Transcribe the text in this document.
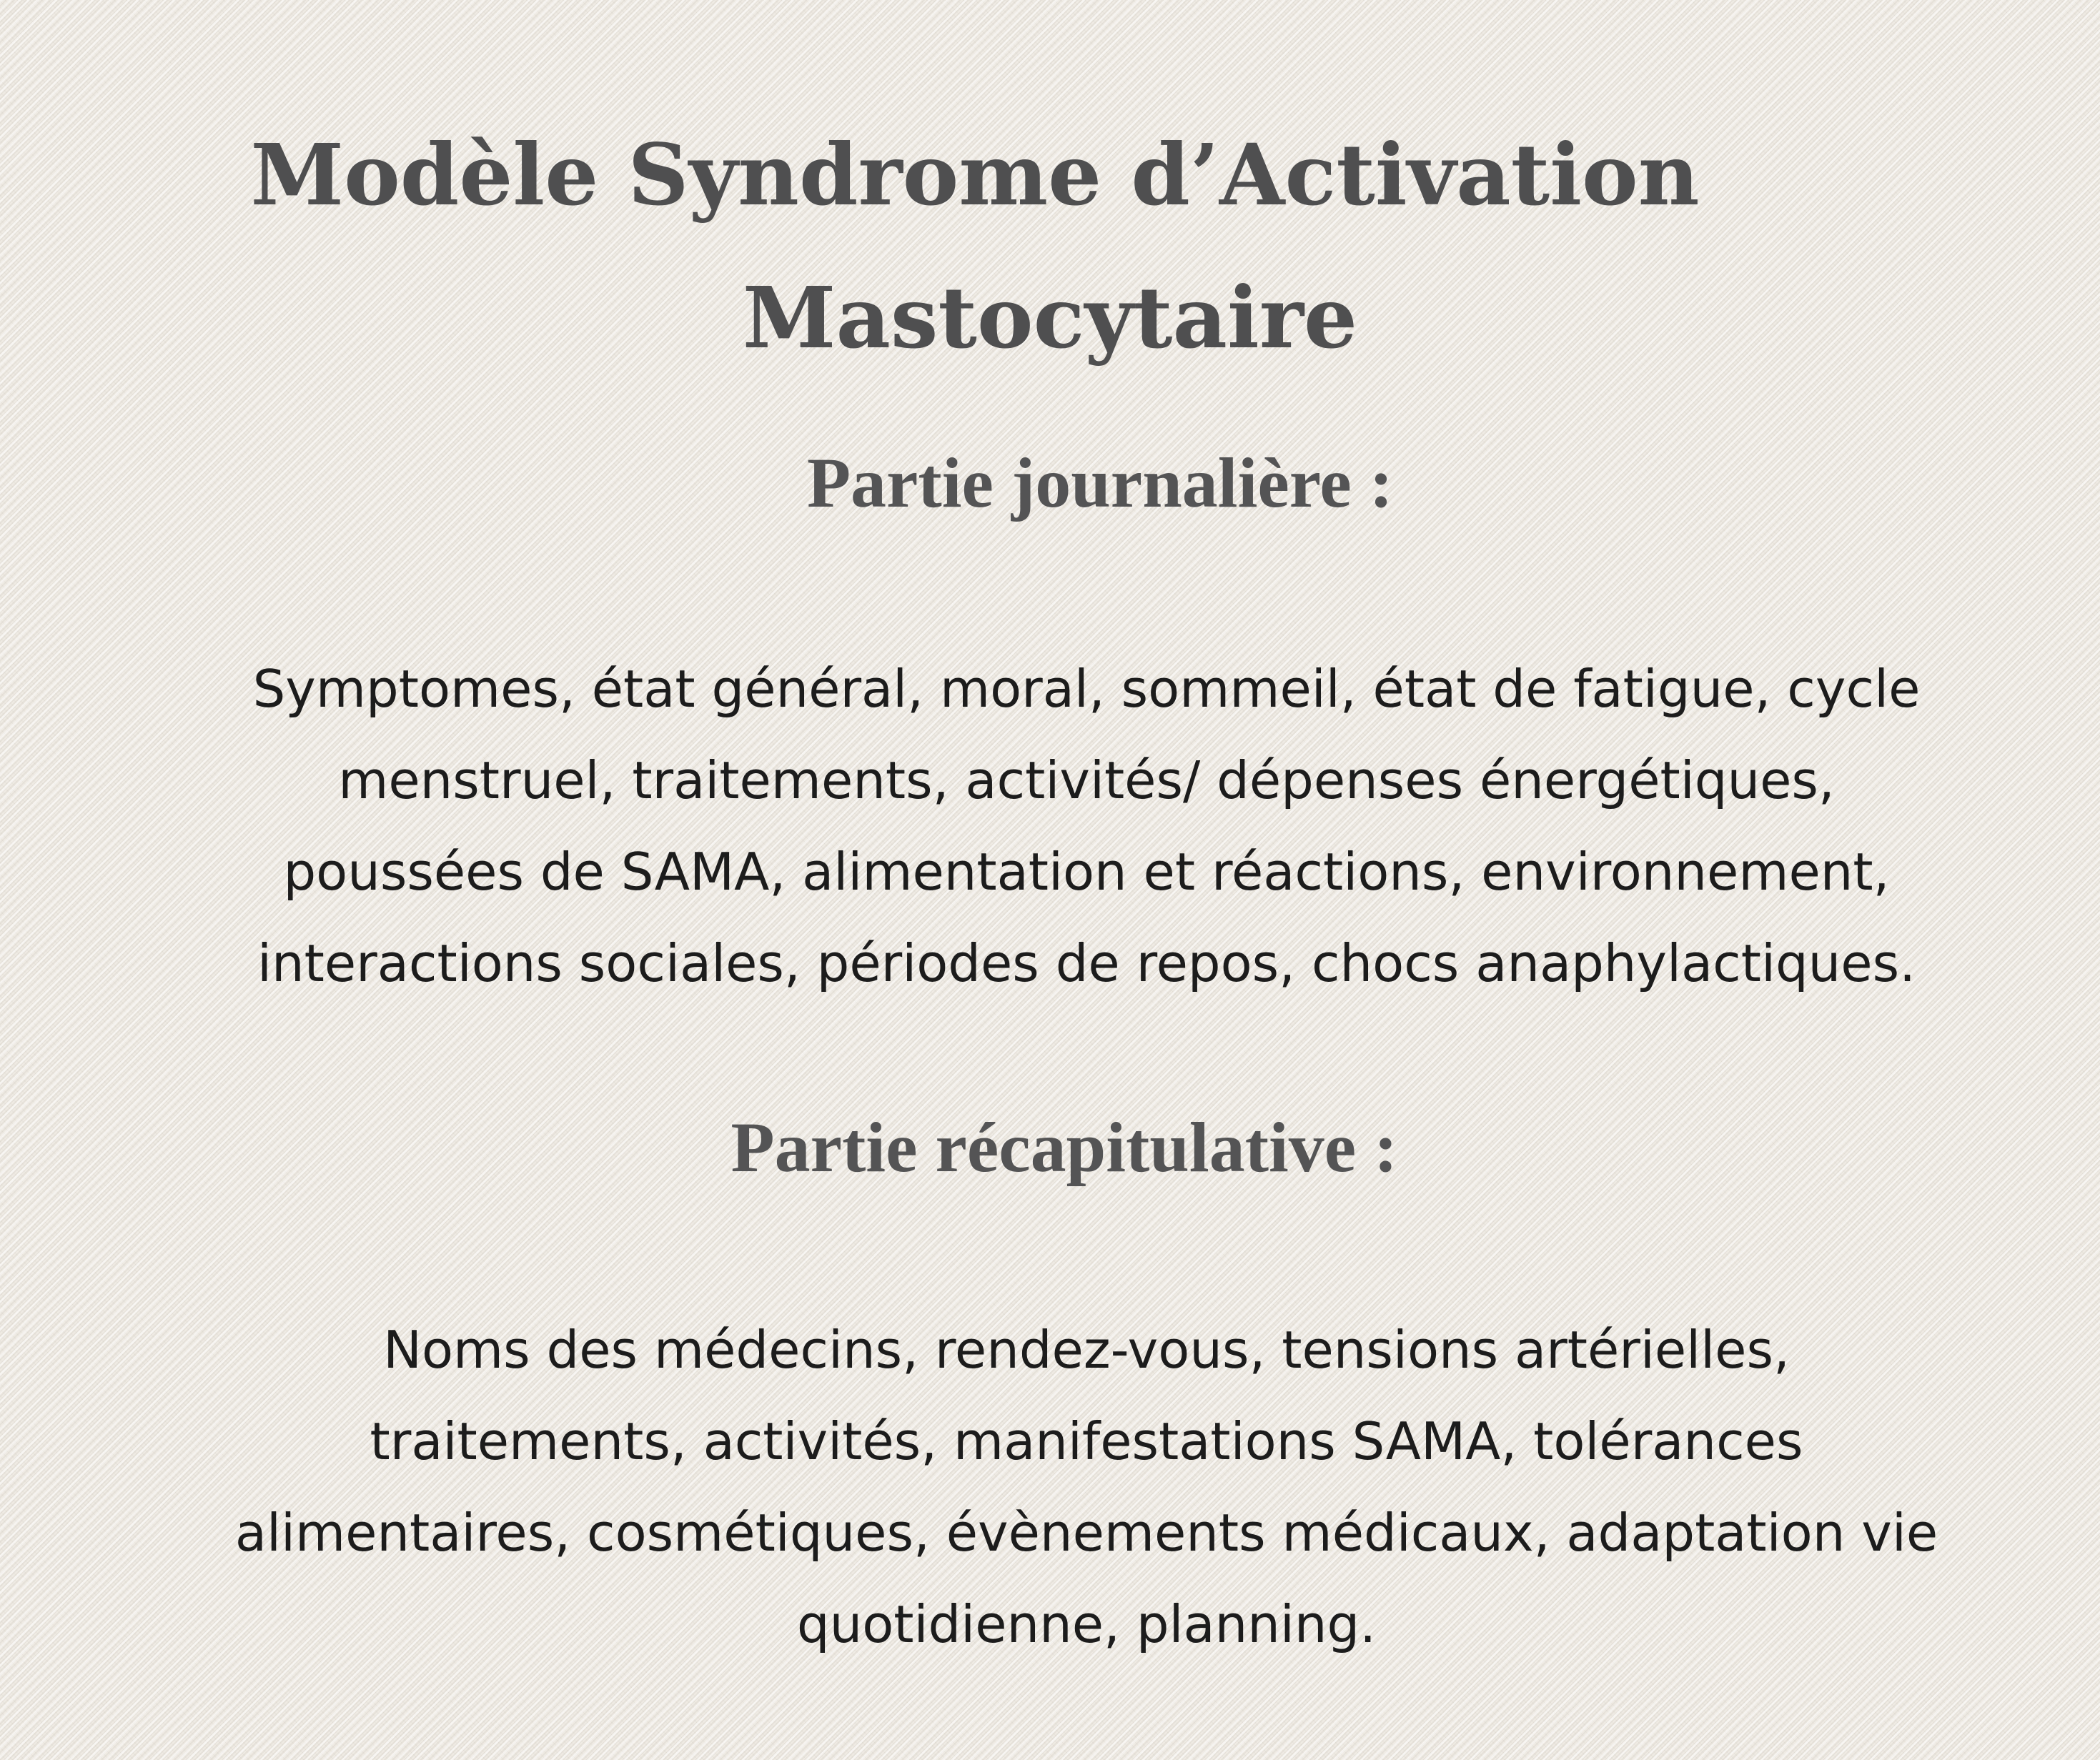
Modèle Syndrome d’Activation
Mastocytaire
Partie journalière :

Symptomes, état général, moral, sommeil, état de fatigue, cycle
menstruel, traitements, activités/ dépenses énergétiques,
poussées de SAMA, alimentation et réactions, environnement,
interactions sociales, périodes de repos, chocs anaphylactiques.

Partie récapitulative :

Noms des médecins, rendez-vous, tensions artérielles,
traitements, activités, manifestations SAMA, tolérances
alimentaires, cosmétiques, évènements médicaux, adaptation vie
quotidienne, planning.
